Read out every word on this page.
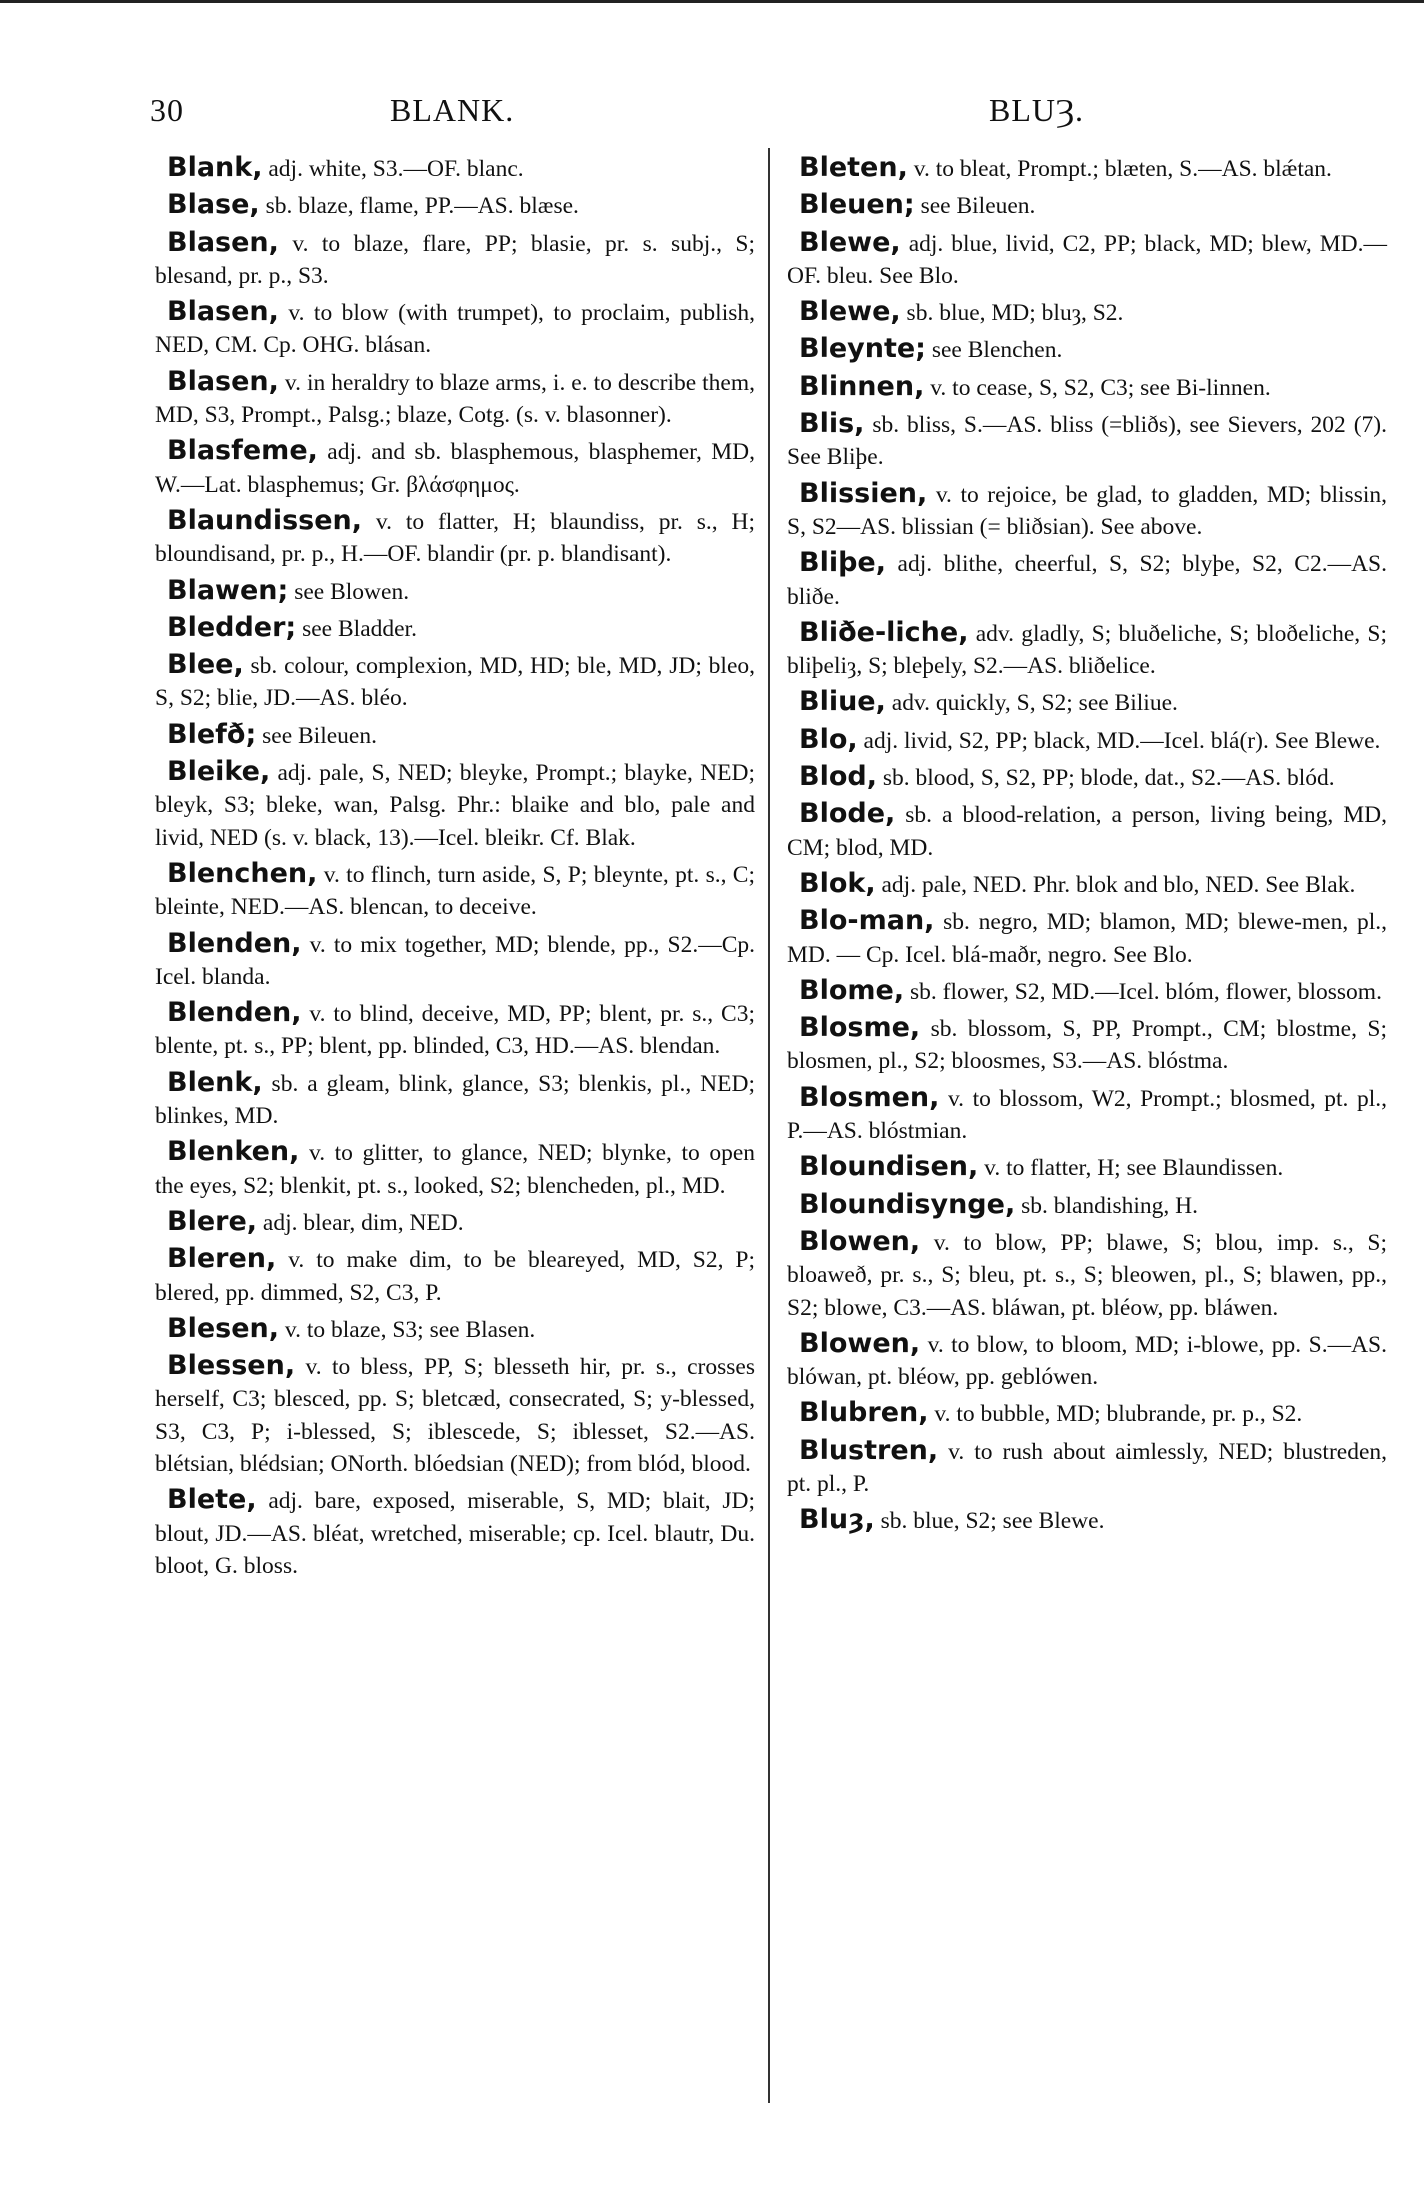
30	BLANK.	BLUȜ.

Blank, adj. white, S3.—OF. blanc.

Blase, sb. blaze, flame, PP.—AS. blæse.

Blasen, v. to blaze, flare, PP; blasie, pr. s. subj., S; blesand, pr. p., S3.

Blasen, v. to blow (with trumpet), to proclaim, publish, NED, CM. Cp. OHG. blásan.

Blasen, v. in heraldry to blaze arms, i. e. to describe them, MD, S3, Prompt., Palsg.; blaze, Cotg. (s. v. blasonner).

Blasfeme, adj. and sb. blasphemous, blasphemer, MD, W.—Lat. blasphemus; Gr. βλάσφημος.

Blaundissen, v. to flatter, H; blaundiss, pr. s., H; bloundisand, pr. p., H.—OF. blandir (pr. p. blandisant).

Blawen; see Blowen.

Bledder; see Bladder.

Blee, sb. colour, complexion, MD, HD; ble, MD, JD; bleo, S, S2; blie, JD.—AS. bléo.

Blefð; see Bileuen.

Bleike, adj. pale, S, NED; bleyke, Prompt.; blayke, NED; bleyk, S3; bleke, wan, Palsg. Phr.: blaike and blo, pale and livid, NED (s. v. black, 13).—Icel. bleikr. Cf. Blak.

Blenchen, v. to flinch, turn aside, S, P; bleynte, pt. s., C; bleinte, NED.—AS. blencan, to deceive.

Blenden, v. to mix together, MD; blende, pp., S2.—Cp. Icel. blanda.

Blenden, v. to blind, deceive, MD, PP; blent, pr. s., C3; blente, pt. s., PP; blent, pp. blinded, C3, HD.—AS. blendan.

Blenk, sb. a gleam, blink, glance, S3; blenkis, pl., NED; blinkes, MD.

Blenken, v. to glitter, to glance, NED; blynke, to open the eyes, S2; blenkit, pt. s., looked, S2; blencheden, pl., MD.

Blere, adj. blear, dim, NED.

Bleren, v. to make dim, to be bleareyed, MD, S2, P; blered, pp. dimmed, S2, C3, P.

Blesen, v. to blaze, S3; see Blasen.

Blessen, v. to bless, PP, S; blesseth hir, pr. s., crosses herself, C3; blesced, pp. S; bletcæd, consecrated, S; y-blessed, S3, C3, P; i-blessed, S; iblescede, S; iblesset, S2.—AS. blétsian, blédsian; ONorth. blóedsian (NED); from blód, blood.

Blete, adj. bare, exposed, miserable, S, MD; blait, JD; blout, JD.—AS. bléat, wretched, miserable; cp. Icel. blautr, Du. bloot, G. bloss.

Bleten, v. to bleat, Prompt.; blæten, S.—AS. blǽtan.

Bleuen; see Bileuen.

Blewe, adj. blue, livid, C2, PP; black, MD; blew, MD.—OF. bleu. See Blo.

Blewe, sb. blue, MD; bluȝ, S2.

Bleynte; see Blenchen.

Blinnen, v. to cease, S, S2, C3; see Bi-linnen.

Blis, sb. bliss, S.—AS. bliss (=bliðs), see Sievers, 202 (7). See Bliþe.

Blissien, v. to rejoice, be glad, to gladden, MD; blissin, S, S2—AS. blissian (= bliðsian). See above.

Bliþe, adj. blithe, cheerful, S, S2; blyþe, S2, C2.—AS. bliðe.

Bliðe-liche, adv. gladly, S; bluðeliche, S; bloðeliche, S; bliþeliȝ, S; bleþely, S2.—AS. bliðelice.

Bliue, adv. quickly, S, S2; see Biliue.

Blo, adj. livid, S2, PP; black, MD.—Icel. blá(r). See Blewe.

Blod, sb. blood, S, S2, PP; blode, dat., S2.—AS. blód.

Blode, sb. a blood-relation, a person, living being, MD, CM; blod, MD.

Blok, adj. pale, NED. Phr. blok and blo, NED. See Blak.

Blo-man, sb. negro, MD; blamon, MD; blewe-men, pl., MD. — Cp. Icel. blá-maðr, negro. See Blo.

Blome, sb. flower, S2, MD.—Icel. blóm, flower, blossom.

Blosme, sb. blossom, S, PP, Prompt., CM; blostme, S; blosmen, pl., S2; bloosmes, S3.—AS. blóstma.

Blosmen, v. to blossom, W2, Prompt.; blosmed, pt. pl., P.—AS. blóstmian.

Bloundisen, v. to flatter, H; see Blaundissen.

Bloundisynge, sb. blandishing, H.

Blowen, v. to blow, PP; blawe, S; blou, imp. s., S; bloaweð, pr. s., S; bleu, pt. s., S; bleowen, pl., S; blawen, pp., S2; blowe, C3.—AS. bláwan, pt. bléow, pp. bláwen.

Blowen, v. to blow, to bloom, MD; i-blowe, pp. S.—AS. blówan, pt. bléow, pp. geblówen.

Blubren, v. to bubble, MD; blubrande, pr. p., S2.

Blustren, v. to rush about aimlessly, NED; blustreden, pt. pl., P.

Bluȝ, sb. blue, S2; see Blewe.
